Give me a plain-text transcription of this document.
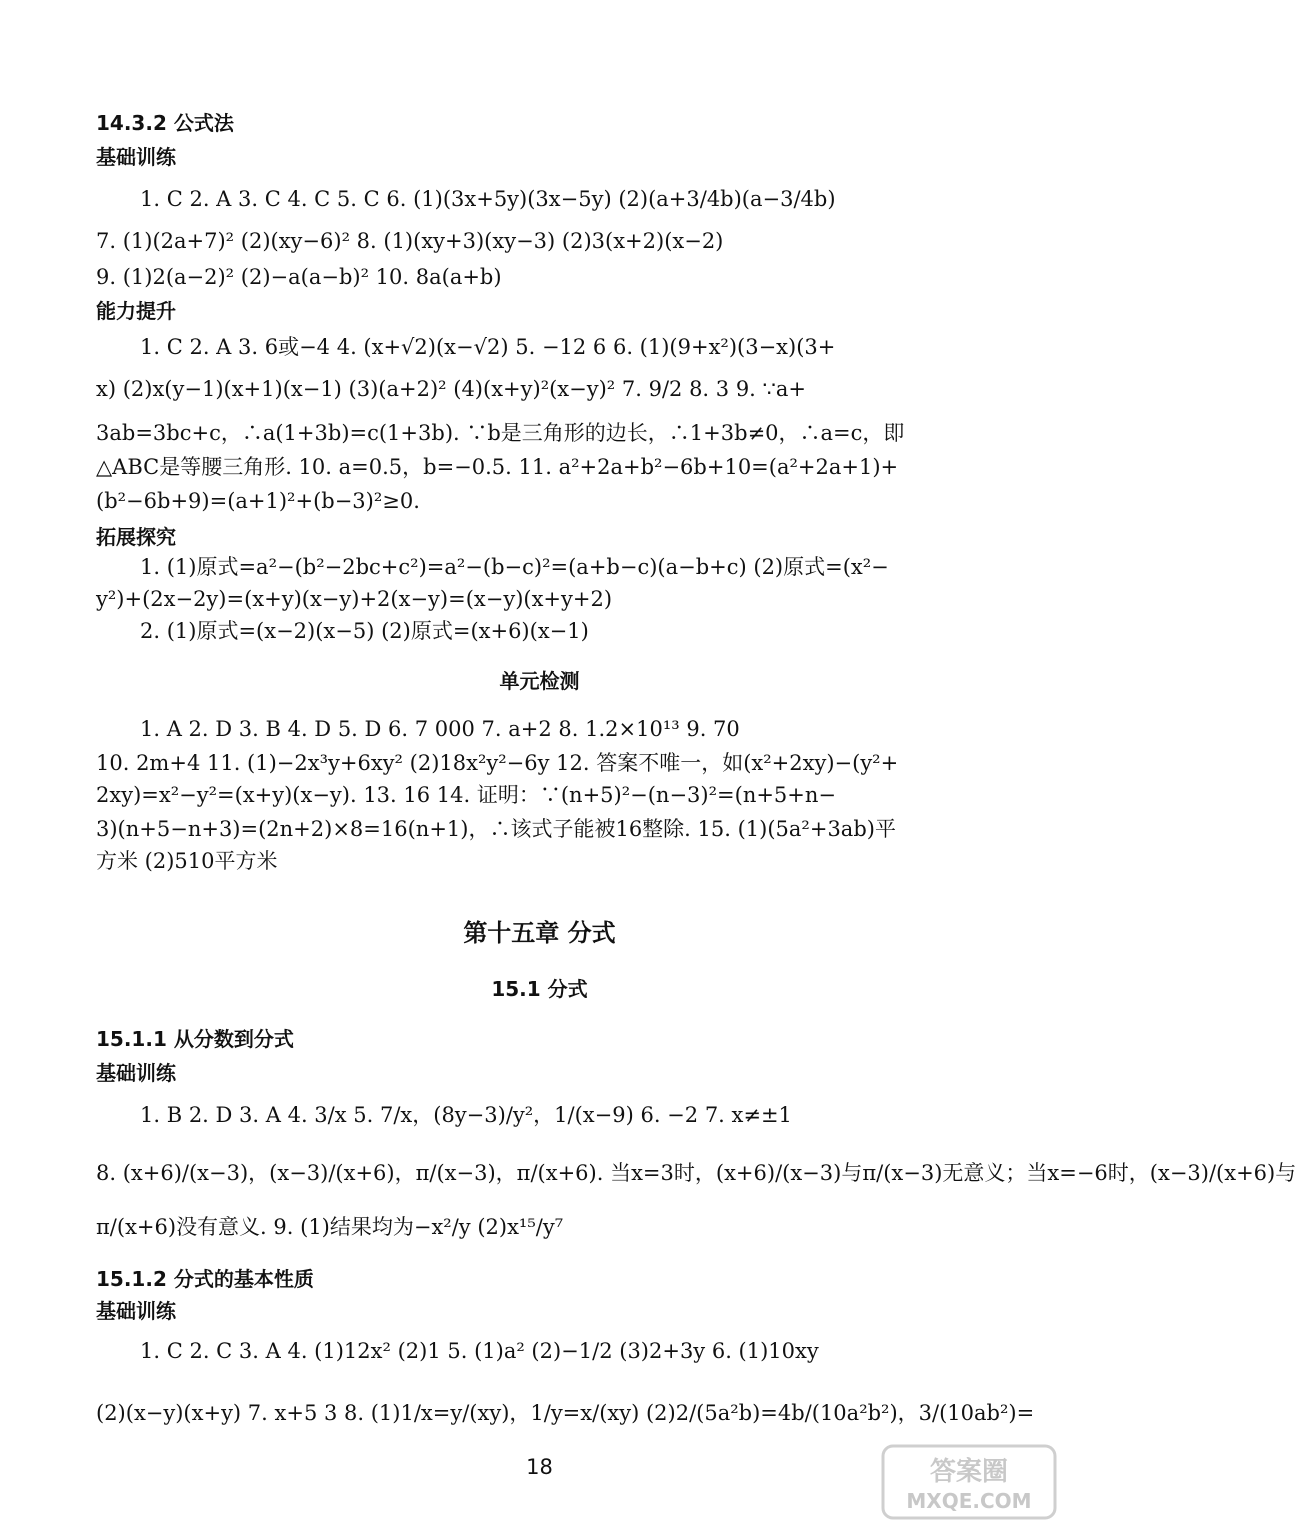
14.3.2 公式法
基础训练
1. C 2. A 3. C 4. C 5. C 6. (1)(3x+5y)(3x−5y) (2)(a+3/4b)(a−3/4b)
7. (1)(2a+7)² (2)(xy−6)² 8. (1)(xy+3)(xy−3) (2)3(x+2)(x−2)
9. (1)2(a−2)² (2)−a(a−b)² 10. 8a(a+b)
能力提升
1. C 2. A 3. 6或−4 4. (x+√2)(x−√2) 5. −12 6 6. (1)(9+x²)(3−x)(3+
x) (2)x(y−1)(x+1)(x−1) (3)(a+2)² (4)(x+y)²(x−y)² 7. 9/2 8. 3 9. ∵a+
3ab=3bc+c，∴a(1+3b)=c(1+3b). ∵b是三角形的边长，∴1+3b≠0，∴a=c，即
△ABC是等腰三角形. 10. a=0.5，b=−0.5. 11. a²+2a+b²−6b+10=(a²+2a+1)+
(b²−6b+9)=(a+1)²+(b−3)²≥0.
拓展探究
1. (1)原式=a²−(b²−2bc+c²)=a²−(b−c)²=(a+b−c)(a−b+c) (2)原式=(x²−
y²)+(2x−2y)=(x+y)(x−y)+2(x−y)=(x−y)(x+y+2)
2. (1)原式=(x−2)(x−5) (2)原式=(x+6)(x−1)
单元检测
1. A 2. D 3. B 4. D 5. D 6. 7 000 7. a+2 8. 1.2×10¹³ 9. 70
10. 2m+4 11. (1)−2x³y+6xy² (2)18x²y²−6y 12. 答案不唯一，如(x²+2xy)−(y²+
2xy)=x²−y²=(x+y)(x−y). 13. 16 14. 证明：∵(n+5)²−(n−3)²=(n+5+n−
3)(n+5−n+3)=(2n+2)×8=16(n+1)，∴该式子能被16整除. 15. (1)(5a²+3ab)平
方米 (2)510平方米
第十五章 分式
15.1 分式
15.1.1 从分数到分式
基础训练
1. B 2. D 3. A 4. 3/x 5. 7/x，(8y−3)/y²，1/(x−9) 6. −2 7. x≠±1
8. (x+6)/(x−3)，(x−3)/(x+6)，π/(x−3)，π/(x+6). 当x=3时，(x+6)/(x−3)与π/(x−3)无意义；当x=−6时，(x−3)/(x+6)与
π/(x+6)没有意义. 9. (1)结果均为−x²/y (2)x¹⁵/y⁷
15.1.2 分式的基本性质
基础训练
1. C 2. C 3. A 4. (1)12x² (2)1 5. (1)a² (2)−1/2 (3)2+3y 6. (1)10xy
(2)(x−y)(x+y) 7. x+5 3 8. (1)1/x=y/(xy)，1/y=x/(xy) (2)2/(5a²b)=4b/(10a²b²)，3/(10ab²)=
18	答案圈
MXQE.COM
